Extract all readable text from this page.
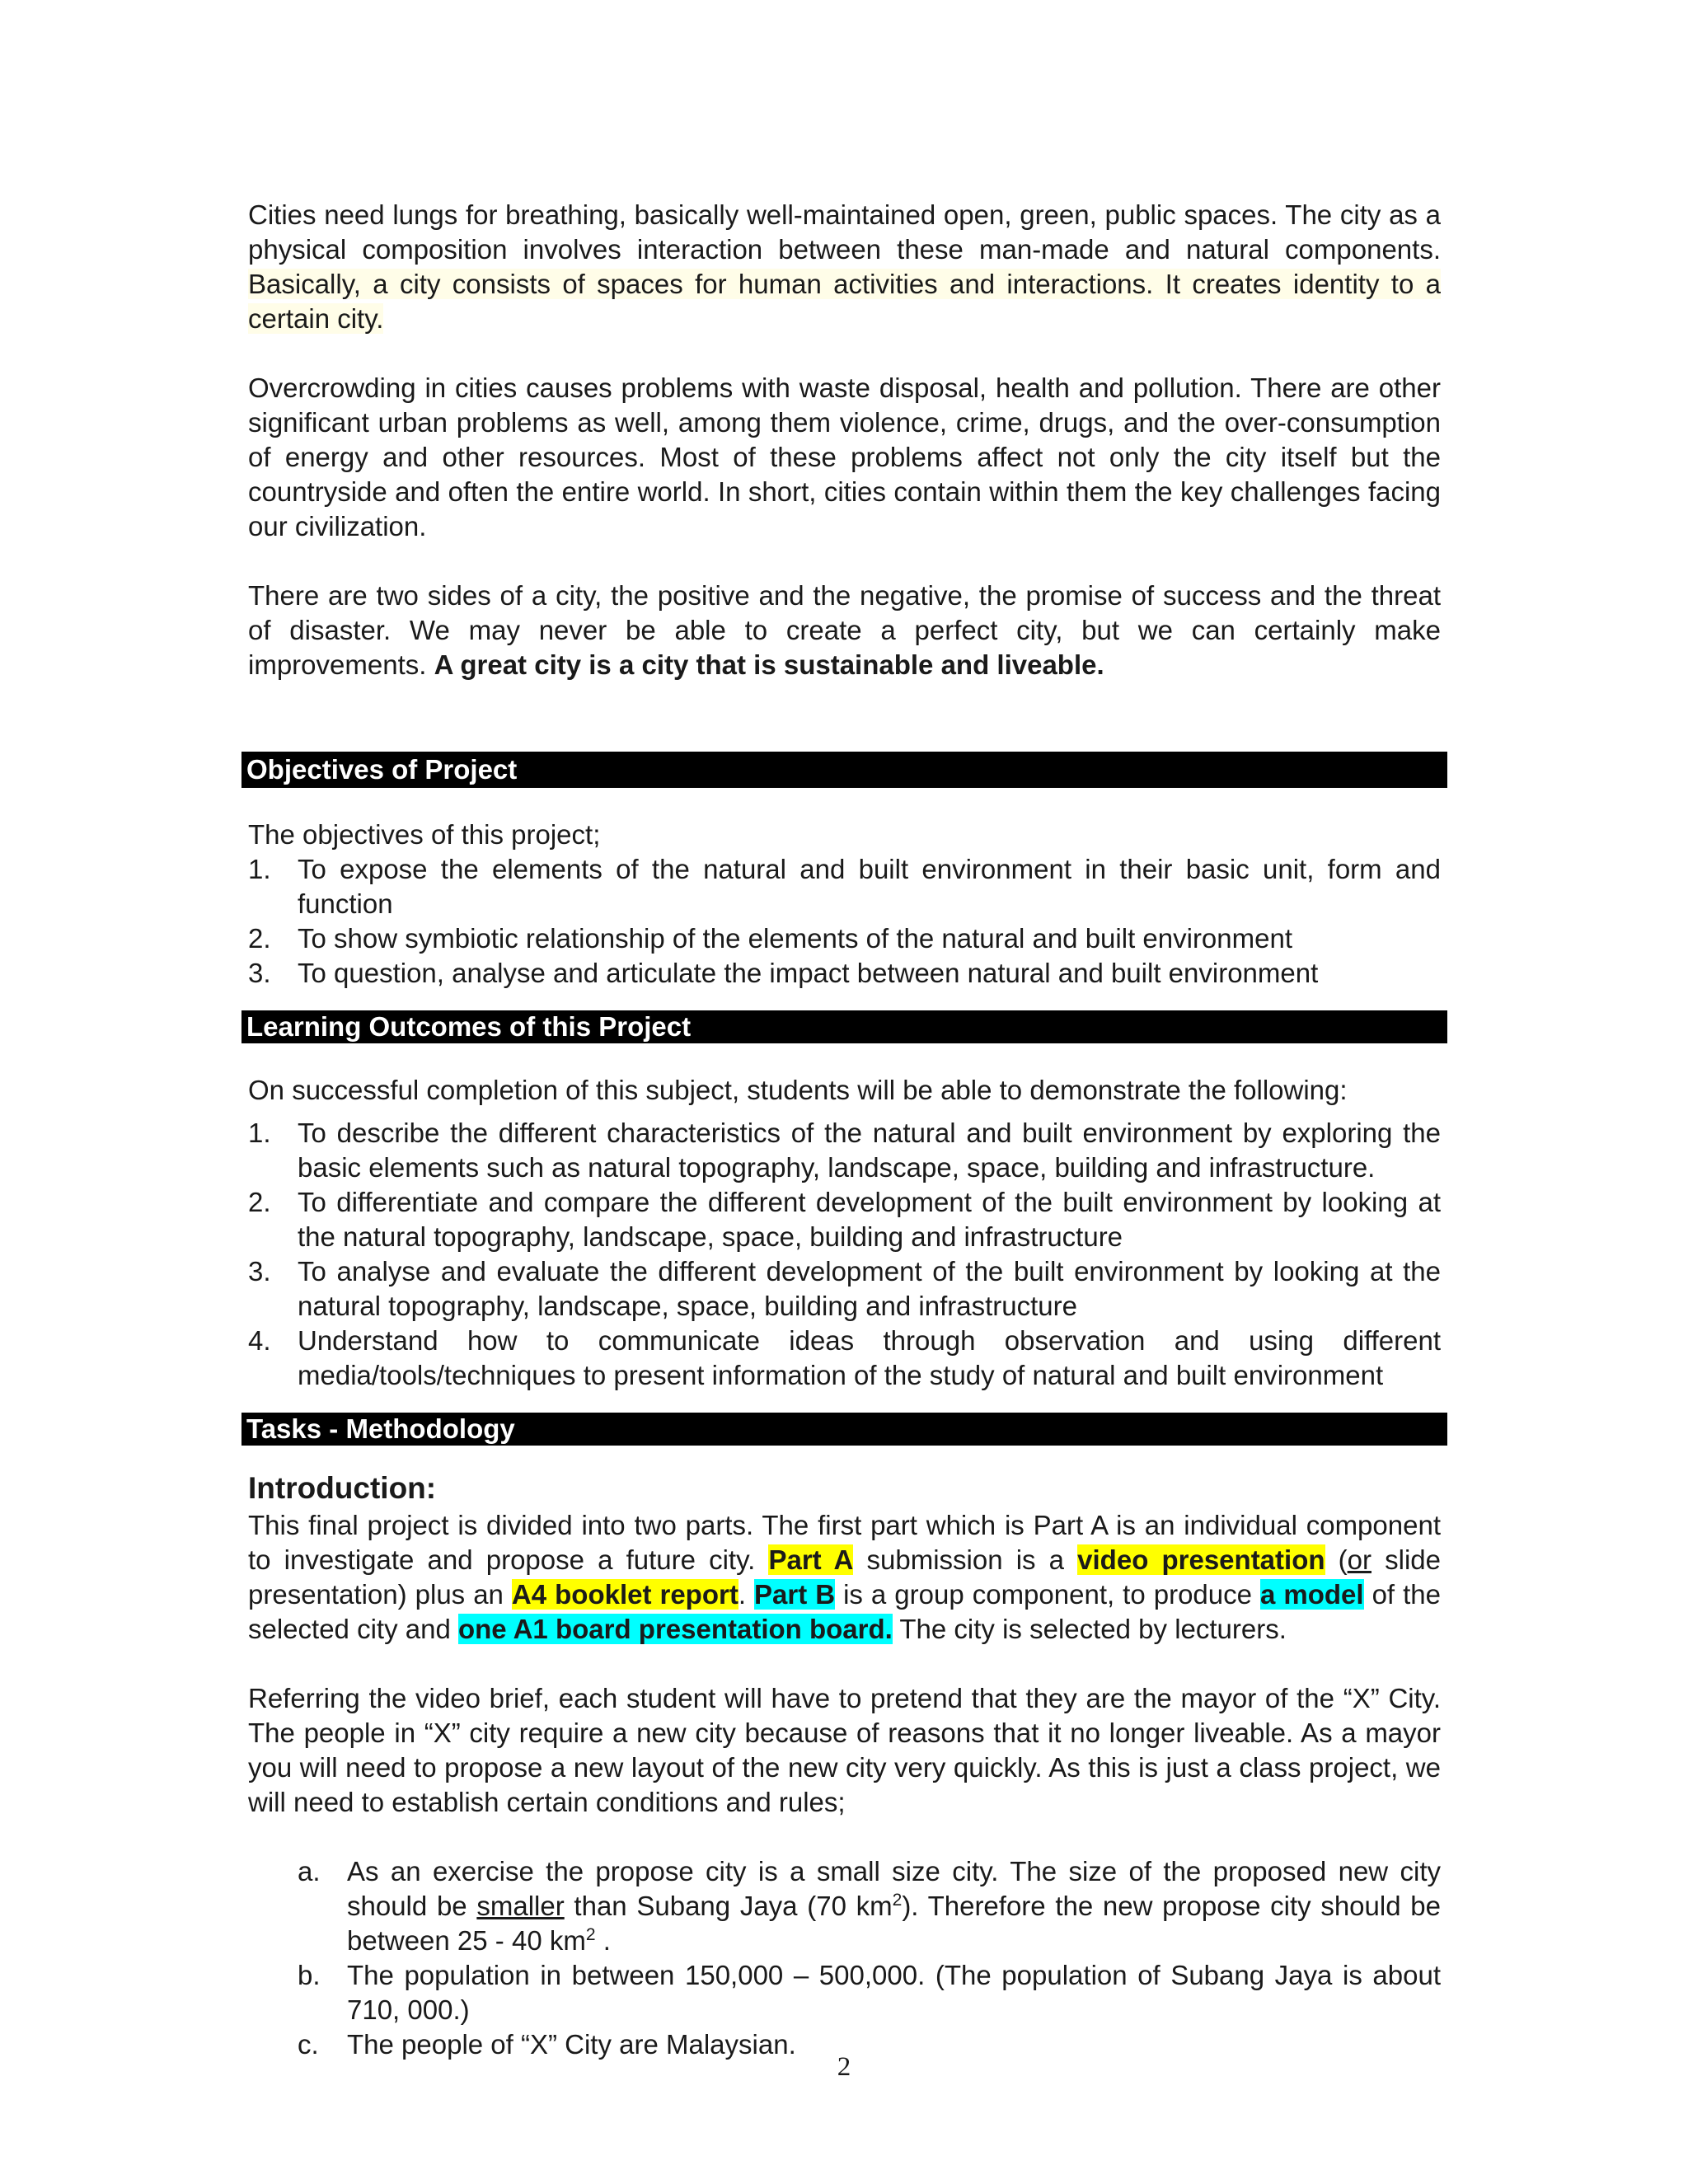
Cities need lungs for breathing, basically well-maintained open, green, public spaces. The city as a physical composition involves interaction between these man-made and natural components. Basically, a city consists of spaces for human activities and interactions. It creates identity to a certain city.

Overcrowding in cities causes problems with waste disposal, health and pollution. There are other significant urban problems as well, among them violence, crime, drugs, and the over-consumption of energy and other resources. Most of these problems affect not only the city itself but the countryside and often the entire world. In short, cities contain within them the key challenges facing our civilization.

There are two sides of a city, the positive and the negative, the promise of success and the threat of disaster. We may never be able to create a perfect city, but we can certainly make improvements. A great city is a city that is sustainable and liveable.

Objectives of Project

The objectives of this project;

1. To expose the elements of the natural and built environment in their basic unit, form and function
2. To show symbiotic relationship of the elements of the natural and built environment
3. To question, analyse and articulate the impact between natural and built environment
Learning Outcomes of this Project

On successful completion of this subject, students will be able to demonstrate the following:

1. To describe the different characteristics of the natural and built environment by exploring the basic elements such as natural topography, landscape, space, building and infrastructure.
2. To differentiate and compare the different development of the built environment by looking at the natural topography, landscape, space, building and infrastructure
3. To analyse and evaluate the different development of the built environment by looking at the natural topography, landscape, space, building and infrastructure
4. Understand how to communicate ideas through observation and using different media/tools/techniques to present information of the study of natural and built environment
Tasks - Methodology

Introduction:

This final project is divided into two parts. The first part which is Part A is an individual component to investigate and propose a future city. Part A submission is a video presentation (or slide presentation) plus an A4 booklet report. Part B is a group component, to produce a model of the selected city and one A1 board presentation board. The city is selected by lecturers.

Referring the video brief, each student will have to pretend that they are the mayor of the “X” City. The people in “X” city require a new city because of reasons that it no longer liveable. As a mayor you will need to propose a new layout of the new city very quickly. As this is just a class project, we will need to establish certain conditions and rules;

a. As an exercise the propose city is a small size city. The size of the proposed new city should be smaller than Subang Jaya (70 $km^2$). Therefore the new propose city should be between 25 - 40 $km^2$ .
b. The population in between 150,000 – 500,000. (The population of Subang Jaya is about 710, 000.)
c. The people of “X” City are Malaysian.
2
